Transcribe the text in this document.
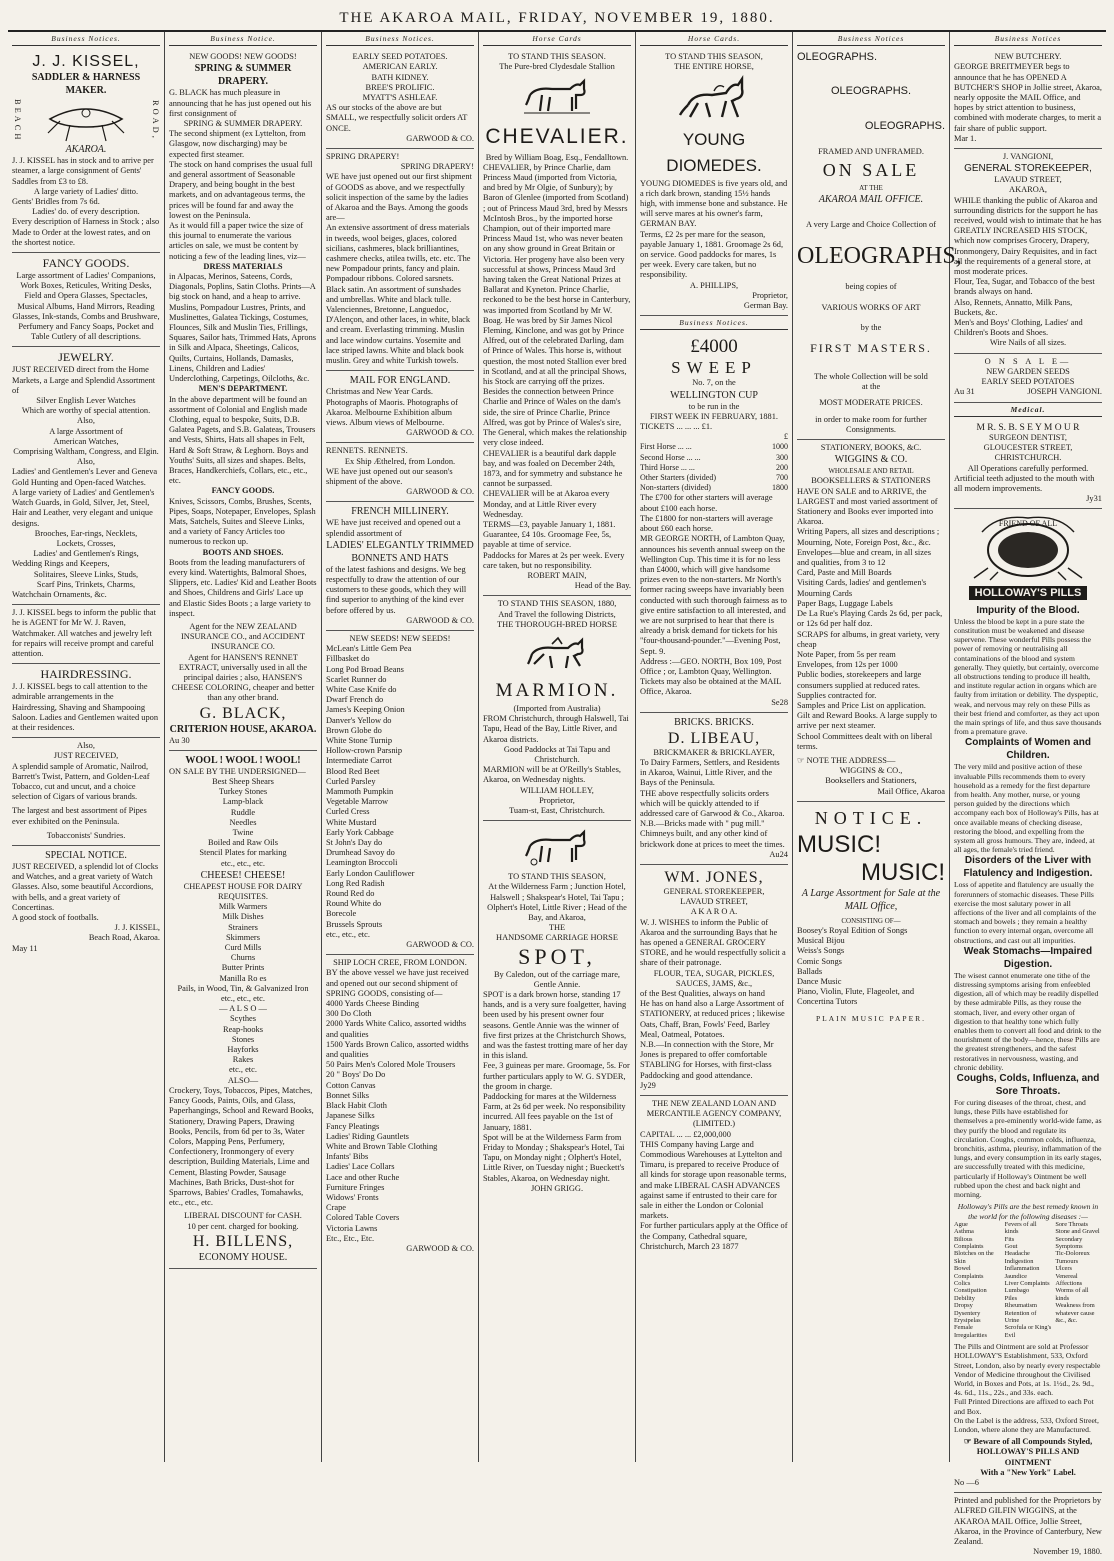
THE AKAROA MAIL, FRIDAY, NOVEMBER 19, 1880.
Business Notices.
J. J. KISSEL,
SADDLER & HARNESS MAKER.
BEACH	ROAD,
AKAROA.
J. J. KISSEL has in stock and to arrive per steamer, a large consignment of Gents' Saddles from £3 to £8.
A large variety of Ladies' ditto.
Gents' Bridles from 7s 6d.
Ladies' do. of every description.
Every description of Harness in Stock ; also Made to Order at the lowest rates, and on the shortest notice.
FANCY GOODS.
Large assortment of Ladies' Companions, Work Boxes, Reticules, Writing Desks, Field and Opera Glasses, Spectacles, Musical Albums, Hand Mirrors, Reading Glasses, Ink-stands, Combs and Brushware, Perfumery and Fancy Soaps, Pocket and Table Cutlery of all descriptions.
JEWELRY.
JUST RECEIVED direct from the Home Markets, a Large and Splendid Assortment of
Silver English Lever Watches
Which are worthy of special attention.
Also,
A large Assortment of
American Watches,
Comprising Waltham, Congress, and Elgin.
Also,
Ladies' and Gentlemen's Lever and Geneva Gold Hunting and Open-faced Watches.
A large variety of Ladies' and Gentlemen's Watch Guards, in Gold, Silver, Jet, Steel, Hair and Leather, very elegant and unique designs.
Brooches, Ear-rings, Necklets,
Lockets, Crosses,
Ladies' and Gentlemen's Rings,
Wedding Rings and Keepers,
Solitaires, Sleeve Links, Studs,
Scarf Pins, Trinkets, Charms,
Watchchain Ornaments, &c.
J. J. KISSEL begs to inform the public that he is AGENT for Mr W. J. Raven, Watchmaker. All watches and jewelry left for repairs will receive prompt and careful attention.
HAIRDRESSING.
J. J. KISSEL begs to call attention to the admirable arrangements in the Hairdressing, Shaving and Shampooing Saloon. Ladies and Gentlemen waited upon at their residences.
Also,
JUST RECEIVED,
A splendid sample of Aromatic, Nailrod, Barrett's Twist, Pattern, and Golden-Leaf Tobacco, cut and uncut, and a choice selection of Cigars of various brands.
The largest and best assortment of Pipes ever exhibited on the Peninsula.
Tobacconists' Sundries.
SPECIAL NOTICE.
JUST RECEIVED, a splendid lot of Clocks and Watches, and a great variety of Watch Glasses. Also, some beautiful Accordions, with bells, and a great variety of Concertinas.
A good stock of footballs.
J. J. KISSEL,
Beach Road, Akaroa.
May 11
Business Notice.
NEW GOODS! NEW GOODS!
SPRING & SUMMER DRAPERY.
G. BLACK has much pleasure in announcing that he has just opened out his first consignment of
SPRING & SUMMER DRAPERY.
The second shipment (ex Lyttelton, from Glasgow, now discharging) may be expected first steamer.
The stock on hand comprises the usual full and general assortment of Seasonable Drapery, and being bought in the best markets, and on advantageous terms, the prices will be found far and away the lowest on the Peninsula.
As it would fill a paper twice the size of this journal to enumerate the various articles on sale, we must be content by noticing a few of the leading lines, viz—
DRESS MATERIALS
in Alpacas, Merinos, Sateens, Cords, Diagonals, Poplins, Satin Cloths. Prints—A big stock on hand, and a heap to arrive. Muslins, Pompadour Lustres, Prints, and Muslinettes, Galatea Tickings, Costumes, Flounces, Silk and Muslin Ties, Frillings, Squares, Sailor hats, Trimmed Hats, Aprons in Silk and Alpaca, Sheetings, Calicos, Quilts, Curtains, Hollands, Damasks, Linens, Children and Ladies' Underclothing, Carpetings, Oilcloths, &c.
MEN'S DEPARTMENT.
In the above department will be found an assortment of Colonial and English made Clothing, equal to bespoke, Suits, D.B. Galatea Pagets, and S.B. Galateas, Trousers and Vests, Shirts, Hats all shapes in Felt, Hard & Soft Straw, & Leghorn. Boys and Youths' Suits, all sizes and shapes. Belts, Braces, Handkerchiefs, Collars, etc., etc., etc.
FANCY GOODS.
Knives, Scissors, Combs, Brushes, Scents, Pipes, Soaps, Notepaper, Envelopes, Splash Mats, Satchels, Suites and Sleeve Links, and a variety of Fancy Articles too numerous to reckon up.
BOOTS AND SHOES.
Boots from the leading manufacturers of every kind. Watertights, Balmoral Shoes, Slippers, etc. Ladies' Kid and Leather Boots and Shoes, Childrens and Girls' Lace up and Elastic Sides Boots ; a large variety to inspect.
Agent for the NEW ZEALAND INSURANCE CO., and ACCIDENT INSURANCE CO.
Agent for HANSEN'S RENNET EXTRACT, universally used in all the principal dairies ; also, HANSEN'S CHEESE COLORING, cheaper and better than any other brand.
G. BLACK,
CRITERION HOUSE, AKAROA.
Au 30
WOOL ! WOOL ! WOOL!
ON SALE BY THE UNDERSIGNED—
Best Sheep Shears
Turkey Stones
Lamp-black
Ruddle
Needles
Twine
Boiled and Raw Oils
Stencil Plates for marking
etc., etc., etc.
CHEESE! CHEESE!
CHEAPEST HOUSE FOR DAIRY REQUISITES.
Milk Warmers
Milk Dishes
Strainers
Skimmers
Curd Mills
Churns
Butter Prints
Manilla Ro es
Pails, in Wood, Tin, & Galvanized Iron
etc., etc., etc.
— A L S O —
Scythes
Reap-hooks
Stones
Hayforks
Rakes
etc., etc.
ALSO—
Crockery, Toys, Tobaccos, Pipes, Matches, Fancy Goods, Paints, Oils, and Glass, Paperhangings, School and Reward Books, Stationery, Drawing Papers, Drawing Books, Pencils, from 6d per to 3s, Water Colors, Mapping Pens, Perfumery, Confectionery, Ironmongery of every description, Building Materials, Lime and Cement, Blasting Powder, Sausage Machines, Bath Bricks, Dust-shot for Sparrows, Babies' Cradles, Tomahawks, etc., etc., etc.
LIBERAL DISCOUNT for CASH.
10 per cent. charged for booking.
H. BILLENS,
ECONOMY HOUSE.
Business Notices.
EARLY SEED POTATOES.
AMERICAN EARLY.
BATH KIDNEY.
BREE'S PROLIFIC.
MYATT'S ASHLEAF.
AS our stocks of the above are but SMALL, we respectfully solicit orders AT ONCE.
GARWOOD & CO.
SPRING DRAPERY!
SPRING DRAPERY!
WE have just opened out our first shipment of GOODS as above, and we respectfully solicit inspection of the same by the ladies of Akaroa and the Bays. Among the goods are—
An extensive assortment of dress materials in tweeds, wool beiges, glaces, colored sicilians, cashmeres, black brilliantines, cashmere checks, atilea twills, etc. etc. The new Pompadour prints, fancy and plain. Pompadour ribbons. Colored sarsnets. Black satin. An assortment of sunshades and umbrellas. White and black tulle. Valenciennes, Bretonne, Languedoc, D'Alençon, and other laces, in white, black and cream. Everlasting trimming. Muslin and lace window curtains. Yosemite and lace striped lawns. White and black book muslin. Grey and white Turkish towels.
MAIL FOR ENGLAND.
Christmas and New Year Cards. Photographs of Maoris. Photographs of Akaroa. Melbourne Exhibition album views. Album views of Melbourne.
GARWOOD & CO.
RENNETS. RENNETS.
Ex Ship Æthelred, from London.
WE have just opened out our season's shipment of the above.
GARWOOD & CO.
FRENCH MILLINERY.
WE have just received and opened out a splendid assortment of
LADIES' ELEGANTLY TRIMMED BONNETS AND HATS
of the latest fashions and designs. We beg respectfully to draw the attention of our customers to these goods, which they will find superior to anything of the kind ever before offered by us.
GARWOOD & CO.
NEW SEEDS! NEW SEEDS!
McLean's Little Gem Pea
Fillbasket do
Long Pod Broad Beans
Scarlet Runner do
White Case Knife do
Dwarf French do
James's Keeping Onion
Danver's Yellow do
Brown Globe do
White Stone Turnip
Hollow-crown Parsnip
Intermediate Carrot
Blood Red Beet
Curled Parsley
Mammoth Pumpkin
Vegetable Marrow
Curled Cress
White Mustard
Early York Cabbage
St John's Day do
Drumhead Savoy do
Leamington Broccoli
Early London Cauliflower
Long Red Radish
Round Red do
Round White do
Borecole
Brussels Sprouts
etc., etc., etc.
GARWOOD & CO.
SHIP LOCH CREE, FROM LONDON.
BY the above vessel we have just received and opened out our second shipment of SPRING GOODS, consisting of—
4000 Yards Cheese Binding
300 Do Cloth
2000 Yards White Calico, assorted widths and qualities
1500 Yards Brown Calico, assorted widths and qualities
50 Pairs Men's Colored Mole Trousers
20 " Boys' Do Do
Cotton Canvas
Bonnet Silks
Black Habit Cloth
Japanese Silks
Fancy Pleatings
Ladies' Riding Gauntlets
White and Brown Table Clothing
Infants' Bibs
Ladies' Lace Collars
Lace and other Ruche
Furniture Fringes
Widows' Fronts
Crape
Colored Table Covers
Victoria Lawns
Etc., Etc., Etc.
GARWOOD & CO.
Horse Cards
TO STAND THIS SEASON.
The Pure-bred Clydesdale Stallion
CHEVALIER.
Bred by William Boag, Esq., Fendalltown.
CHEVALIER, by Prince Charlie, dam Princess Maud (imported from Victoria, and bred by Mr Olgie, of Sunbury); by Baron of Glenlee (imported from Scotland) ; out of Princess Maud 3rd, bred by Messrs McIntosh Bros., by the imported horse Champion, out of their imported mare Princess Maud 1st, who was never beaten on any show ground in Great Britain or Victoria. Her progeny have also been very successful at shows, Princess Maud 3rd having taken the Great National Prizes at Ballarat and Kyneton. Prince Charlie, reckoned to be the best horse in Canterbury, was imported from Scotland by Mr W. Boag. He was bred by Sir James Nicol Fleming, Kinclone, and was got by Prince Alfred, out of the celebrated Darling, dam of Prince of Wales. This horse is, without question, the most noted Stallion ever bred in Scotland, and at all the principal Shows, his Stock are carrying off the prizes. Besides the connection between Prince Charlie and Prince of Wales on the dam's side, the sire of Prince Charlie, Prince Alfred, was got by Prince of Wales's sire, The General, which makes the relationship very close indeed.
CHEVALIER is a beautiful dark dapple bay, and was foaled on December 24th, 1873, and for symmetry and substance he cannot be surpassed.
CHEVALIER will be at Akaroa every Monday, and at Little River every Wednesday.
TERMS—£3, payable January 1, 1881. Guarantee, £4 10s. Groomage Fee, 5s, payable at time of service.
Paddocks for Mares at 2s per week. Every care taken, but no responsibility.
ROBERT MAIN,
Head of the Bay.
TO STAND THIS SEASON, 1880,
And Travel the following Districts,
THE THOROUGH-BRED HORSE
MARMION.
(Imported from Australia)
FROM Christchurch, through Halswell, Tai Tapu, Head of the Bay, Little River, and Akaroa districts.
Good Paddocks at Tai Tapu and Christchurch.
MARMION will be at O'Reilly's Stables, Akaroa, on Wednesday nights.
WILLIAM HOLLEY,
Proprietor,
Tuam-st, East, Christchurch.
TO STAND THIS SEASON,
At the Wilderness Farm ; Junction Hotel, Halswell ; Shakspear's Hotel, Tai Tapu ; Olphert's Hotel, Little River ; Head of the Bay, and Akaroa,
THE
HANDSOME CARRIAGE HORSE
SPOT,
By Caledon, out of the carriage mare, Gentle Annie.
SPOT is a dark brown horse, standing 17 hands, and is a very sure foalgetter, having been used by his present owner four seasons. Gentle Annie was the winner of five first prizes at the Christchurch Shows, and was the fastest trotting mare of her day in this island.
Fee, 3 guineas per mare. Groomage, 5s. For further particulars apply to W. G. SYDER, the groom in charge.
Paddocking for mares at the Wilderness Farm, at 2s 6d per week. No responsibility incurred. All fees payable on the 1st of January, 1881.
Spot will be at the Wilderness Farm from Friday to Monday ; Shakspear's Hotel, Tai Tapu, on Monday night ; Olphert's Hotel, Little River, on Tuesday night ; Bueckett's Stables, Akaroa, on Wednesday night.
JOHN GRIGG.
Horse Cards.
TO STAND THIS SEASON,
THE ENTIRE HORSE,
YOUNG DIOMEDES.
YOUNG DIOMEDES is five years old, and a rich dark brown, standing 15½ hands high, with immense bone and substance. He will serve mares at his owner's farm, GERMAN BAY.
Terms, £2 2s per mare for the season, payable January 1, 1881. Groomage 2s 6d, on service. Good paddocks for mares, 1s per week. Every care taken, but no responsibility.
A. PHILLIPS,
Proprietor,
German Bay.
Business Notices.
£4000
SWEEP
No. 7, on the
WELLINGTON CUP
to be run in the
FIRST WEEK IN FEBRUARY, 1881.
TICKETS ... ... ... £1.
£
First Horse ... ...	1000
Second Horse ... ...	300
Third Horse ... ...	200
Other Starters (divided)	700
Non-starters (divided)	1800
The £700 for other starters will average about £100 each horse.
The £1800 for non-starters will average about £60 each horse.
MR GEORGE NORTH, of Lambton Quay, announces his seventh annual sweep on the Wellington Cup. This time it is for no less than £4000, which will give handsome prizes even to the non-starters. Mr North's former racing sweeps have invariably been conducted with such thorough fairness as to give entire satisfaction to all interested, and we are not surprised to hear that there is already a brisk demand for tickets for his "four-thousand-pounder."—Evening Post, Sept. 9.
Address :—GEO. NORTH, Box 109, Post Office ; or, Lambton Quay, Wellington. Tickets may also be obtained at the MAIL Office, Akaroa.
Se28
BRICKS. BRICKS.
D. LIBEAU,
BRICKMAKER & BRICKLAYER,
To Dairy Farmers, Settlers, and Residents in Akaroa, Wainui, Little River, and the Bays of the Peninsula.
THE above respectfully solicits orders which will be quickly attended to if addressed care of Garwood & Co., Akaroa.
N.B.—Bricks made with " pug mill." Chimneys built, and any other kind of brickwork done at prices to meet the times.
Au24
WM. JONES,
GENERAL STOREKEEPER,
LAVAUD STREET,
A K A R O A.
W. J. WISHES to inform the Public of Akaroa and the surrounding Bays that he has opened a GENERAL GROCERY STORE, and he would respectfully solicit a share of their patronage.
FLOUR, TEA, SUGAR, PICKLES, SAUCES, JAMS, &c.,
of the Best Qualities, always on hand
He has on hand also a Large Assortment of STATIONERY, at reduced prices ; likewise Oats, Chaff, Bran, Fowls' Feed, Barley Meal, Oatmeal, Potatoes.
N.B.—In connection with the Store, Mr Jones is prepared to offer comfortable STABLING for Horses, with first-class Paddocking and good attendance.
Jy29
THE NEW ZEALAND LOAN AND MERCANTILE AGENCY COMPANY,
(LIMITED.)
CAPITAL ... ... £2,000,000
THIS Company having Large and Commodious Warehouses at Lyttelton and Timaru, is prepared to receive Produce of all kinds for storage upon reasonable terms, and make LIBERAL CASH ADVANCES against same if entrusted to their care for sale in either the London or Colonial markets.
For further particulars apply at the Office of the Company, Cathedral square, Christchurch, March 23 1877
Business Notices
OLEOGRAPHS.
OLEOGRAPHS.
OLEOGRAPHS.
FRAMED AND UNFRAMED.
ON SALE
AT THE
AKAROA MAIL OFFICE.
A very Large and Choice Collection of
OLEOGRAPHS,
being copies of
VARIOUS WORKS OF ART
by the
FIRST MASTERS.
The whole Collection will be sold
at the
MOST MODERATE PRICES.
in order to make room for further Consignments.
STATIONERY, BOOKS, &C.
WIGGINS & CO.
WHOLESALE AND RETAIL
BOOKSELLERS & STATIONERS
HAVE ON SALE and to ARRIVE, the LARGEST and most varied assortment of Stationery and Books ever imported into Akaroa.
Writing Papers, all sizes and descriptions ; Mourning, Note, Foreign Post, &c., &c.
Envelopes—blue and cream, in all sizes and qualities, from 3 to 12
Card, Paste and Mill Boards
Visiting Cards, ladies' and gentlemen's
Mourning Cards
Paper Bags, Luggage Labels
De La Rue's Playing Cards 2s 6d, per pack, or 12s 6d per half doz.
SCRAPS for albums, in great variety, very cheap
Note Paper, from 5s per ream
Envelopes, from 12s per 1000
Public bodies, storekeepers and large consumers supplied at reduced rates.
Supplies contracted for.
Samples and Price List on application.
Gilt and Reward Books. A large supply to arrive per next steamer.
School Committees dealt with on liberal terms.
☞ NOTE THE ADDRESS—
WIGGINS & CO.,
Booksellers and Stationers,
Mail Office, Akaroa
NOTICE.
MUSIC!
MUSIC!
A Large Assortment for Sale at the MAIL Office,
CONSISTING OF—
Boosey's Royal Edition of Songs
Musical Bijou
Weiss's Songs
Comic Songs
Ballads
Dance Music
Piano, Violin, Flute, Flageolet, and Concertina Tutors
PLAIN MUSIC PAPER.
Business Notices
NEW BUTCHERY.
GEORGE BREITMEYER begs to announce that he has OPENED A BUTCHER'S SHOP in Jollie street, Akaroa, nearly opposite the MAIL Office, and hopes by strict attention to business, combined with moderate charges, to merit a fair share of public support.
Mar 1.
J. VANGIONI,
GENERAL STOREKEEPER,
LAVAUD STREET,
AKAROA,
WHILE thanking the public of Akaroa and surrounding districts for the support he has received, would wish to intimate that he has GREATLY INCREASED HIS STOCK, which now comprises Grocery, Drapery, Ironmongery, Dairy Requisites, and in fact all the requirements of a general store, at most moderate prices.
Flour, Tea, Sugar, and Tobacco of the best brands always on hand.
Also, Rennets, Annatto, Milk Pans, Buckets, &c.
Men's and Boys' Clothing, Ladies' and Children's Boots and Shoes.
Wire Nails of all sizes.
O N S A L E—
NEW GARDEN SEEDS
EARLY SEED POTATOES
Au 31	JOSEPH VANGIONI.
Medical.
M R. S. B. S E Y M O U R
SURGEON DENTIST,
GLOUCESTER STREET,
CHRISTCHURCH.
All Operations carefully performed.
Artificial teeth adjusted to the mouth with all modern improvements.
Jy31
FRIEND OF ALL
HOLLOWAY'S PILLS
Impurity of the Blood.
Unless the blood be kept in a pure state the constitution must be weakened and disease supervene. These wonderful Pills possess the power of removing or neutralising all contaminations of the blood and system generally. They quietly, but certainly, overcome all obstructions tending to produce ill health, and institute regular action in organs which are faulty from irritation or debility. The dyspeptic, weak, and nervous may rely on these Pills as their best friend and comforter, as they act upon the main springs of life, and thus save thousands from a premature grave.
Complaints of Women and Children.
The very mild and positive action of these invaluable Pills recommends them to every household as a remedy for the first departure from health. Any mother, nurse, or young person guided by the directions which accompany each box of Holloway's Pills, has at once available means of checking disease, restoring the blood, and expelling from the system all gross humours. They are, indeed, at all ages, the female's tried friend.
Disorders of the Liver with Flatulency and Indigestion.
Loss of appetite and flatulency are usually the forerunners of stomachic diseases. These Pills exercise the most salutary power in all affections of the liver and all complaints of the stomach and bowels ; they remain a healthy function to every internal organ, overcome all obstructions, and cast out all impurities.
Weak Stomachs—Impaired Digestion.
The wisest cannot enumerate one tithe of the distressing symptoms arising from enfeebled digestion, all of which may be readily dispelled by these admirable Pills, as they rouse the stomach, liver, and every other organ of digestion to that healthy tone which fully enables them to convert all food and drink to the nourishment of the body—hence, these Pills are the greatest strengtheners, and the safest restoratives in nervousness, wasting, and chronic debility.
Coughs, Colds, Influenza, and Sore Throats.
For curing diseases of the throat, chest, and lungs, these Pills have established for themselves a pre-eminently world-wide fame, as they purify the blood and regulate its circulation. Coughs, common colds, influenza, bronchitis, asthma, pleurisy, inflammation of the lungs, and every consumption in its early stages, are successfully treated with this medicine, particularly if Holloway's Ointment be well rubbed upon the chest and back night and morning.
Holloway's Pills are the best remedy known in the world for the following diseases :—
Ague
Asthma
Bilious Complaints
Blotches on the Skin
Bowel Complaints
Colics
Constipation
Debility
Dropsy
Dysentery
Erysipelas
Female Irregularities
Fevers of all kinds
Fits
Gout
Headache
Indigestion
Inflammation
Jaundice
Liver Complaints
Lumbago
Piles
Rheumatism
Retention of Urine
Scrofula or King's Evil
Sore Throats
Stone and Gravel
Secondary Symptoms
Tic-Doloreux
Tumours
Ulcers
Venereal Affections
Worms of all kinds
Weakness from whatever cause
&c., &c.
The Pills and Ointment are sold at Professor HOLLOWAY'S Establishment, 533, Oxford Street, London, also by nearly every respectable Vendor of Medicine throughout the Civilised World, in Boxes and Pots, at 1s. 1½d., 2s. 9d., 4s. 6d., 11s., 22s., and 33s. each.
Full Printed Directions are affixed to each Pot and Box.
On the Label is the address, 533, Oxford Street, London, where alone they are Manufactured.
☞ Beware of all Compounds Styled,
HOLLOWAY'S PILLS AND OINTMENT
With a "New York" Label.
No —6
Printed and published for the Proprietors by ALFRED GILFIN WIGGINS, at the AKAROA MAIL Office, Jollie Street, Akaroa, in the Province of Canterbury, New Zealand.
November 19, 1880.
